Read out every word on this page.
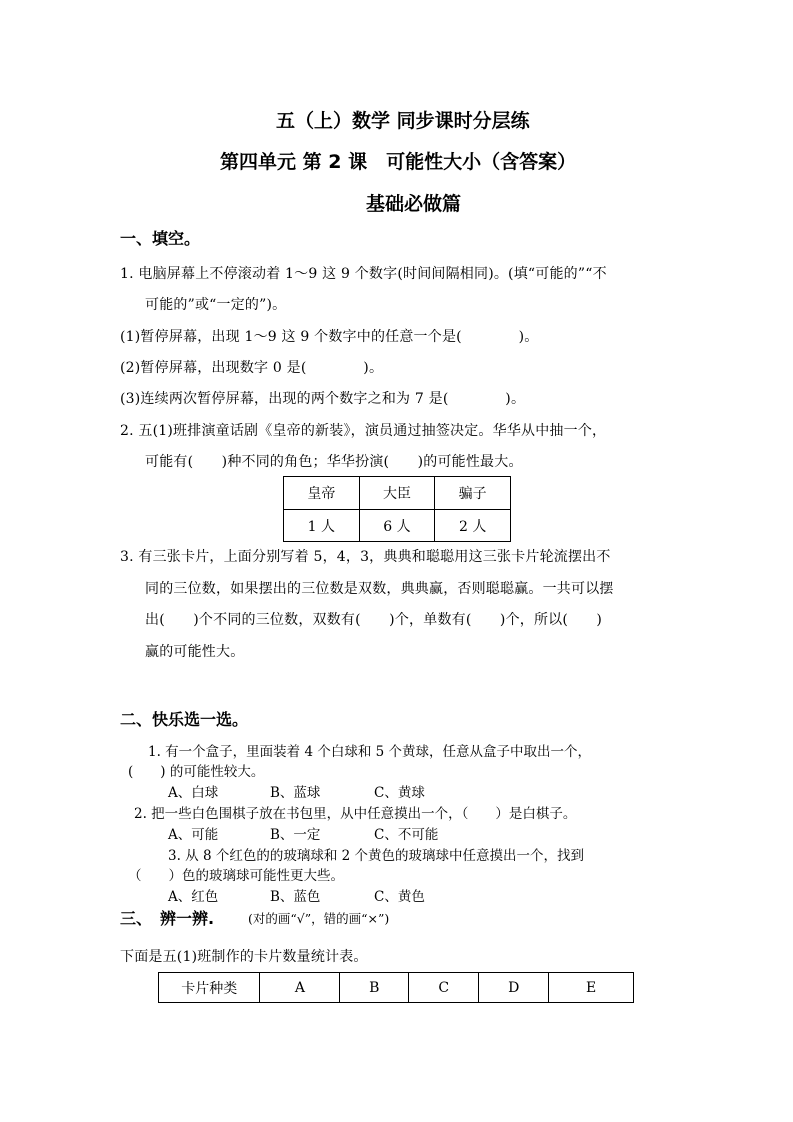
五（上）数学 同步课时分层练
第四单元 第 2 课　可能性大小（含答案）
基础必做篇
一、填空。
1. 电脑屏幕上不停滚动着 1～9 这 9 个数字(时间间隔相同)。(填“可能的”“不
可能的”或“一定的”)。
(1)暂停屏幕，出现 1～9 这 9 个数字中的任意一个是(　　　　)。
(2)暂停屏幕，出现数字 0 是(　　　　)。
(3)连续两次暂停屏幕，出现的两个数字之和为 7 是(　　　　)。
2. 五(1)班排演童话剧《皇帝的新装》，演员通过抽签决定。华华从中抽一个，
可能有(　　)种不同的角色；华华扮演(　　)的可能性最大。
皇帝	大臣	骗子
1 人	6 人	2 人
3. 有三张卡片，上面分别写着 5，4，3，典典和聪聪用这三张卡片轮流摆出不
同的三位数，如果摆出的三位数是双数，典典赢，否则聪聪赢。一共可以摆
出(　　)个不同的三位数，双数有(　　)个，单数有(　　)个，所以(　　)
赢的可能性大。
二、快乐选一选。
1. 有一个盒子，里面装着 4 个白球和 5 个黄球，任意从盒子中取出一个，
(　　) 的可能性较大。
A、白球	B、蓝球	C、黄球
2. 把一些白色围棋子放在书包里，从中任意摸出一个，（　　）是白棋子。
A、可能	B、一定	C、不可能
3. 从 8 个红色的的玻璃球和 2 个黄色的玻璃球中任意摸出一个，找到
（　　）色的玻璃球可能性更大些。
A、红色	B、蓝色	C、黄色
三、　辨一辨.	(对的画“√”，错的画“×”)
下面是五(1)班制作的卡片数量统计表。
卡片种类	A	B	C	D	E
